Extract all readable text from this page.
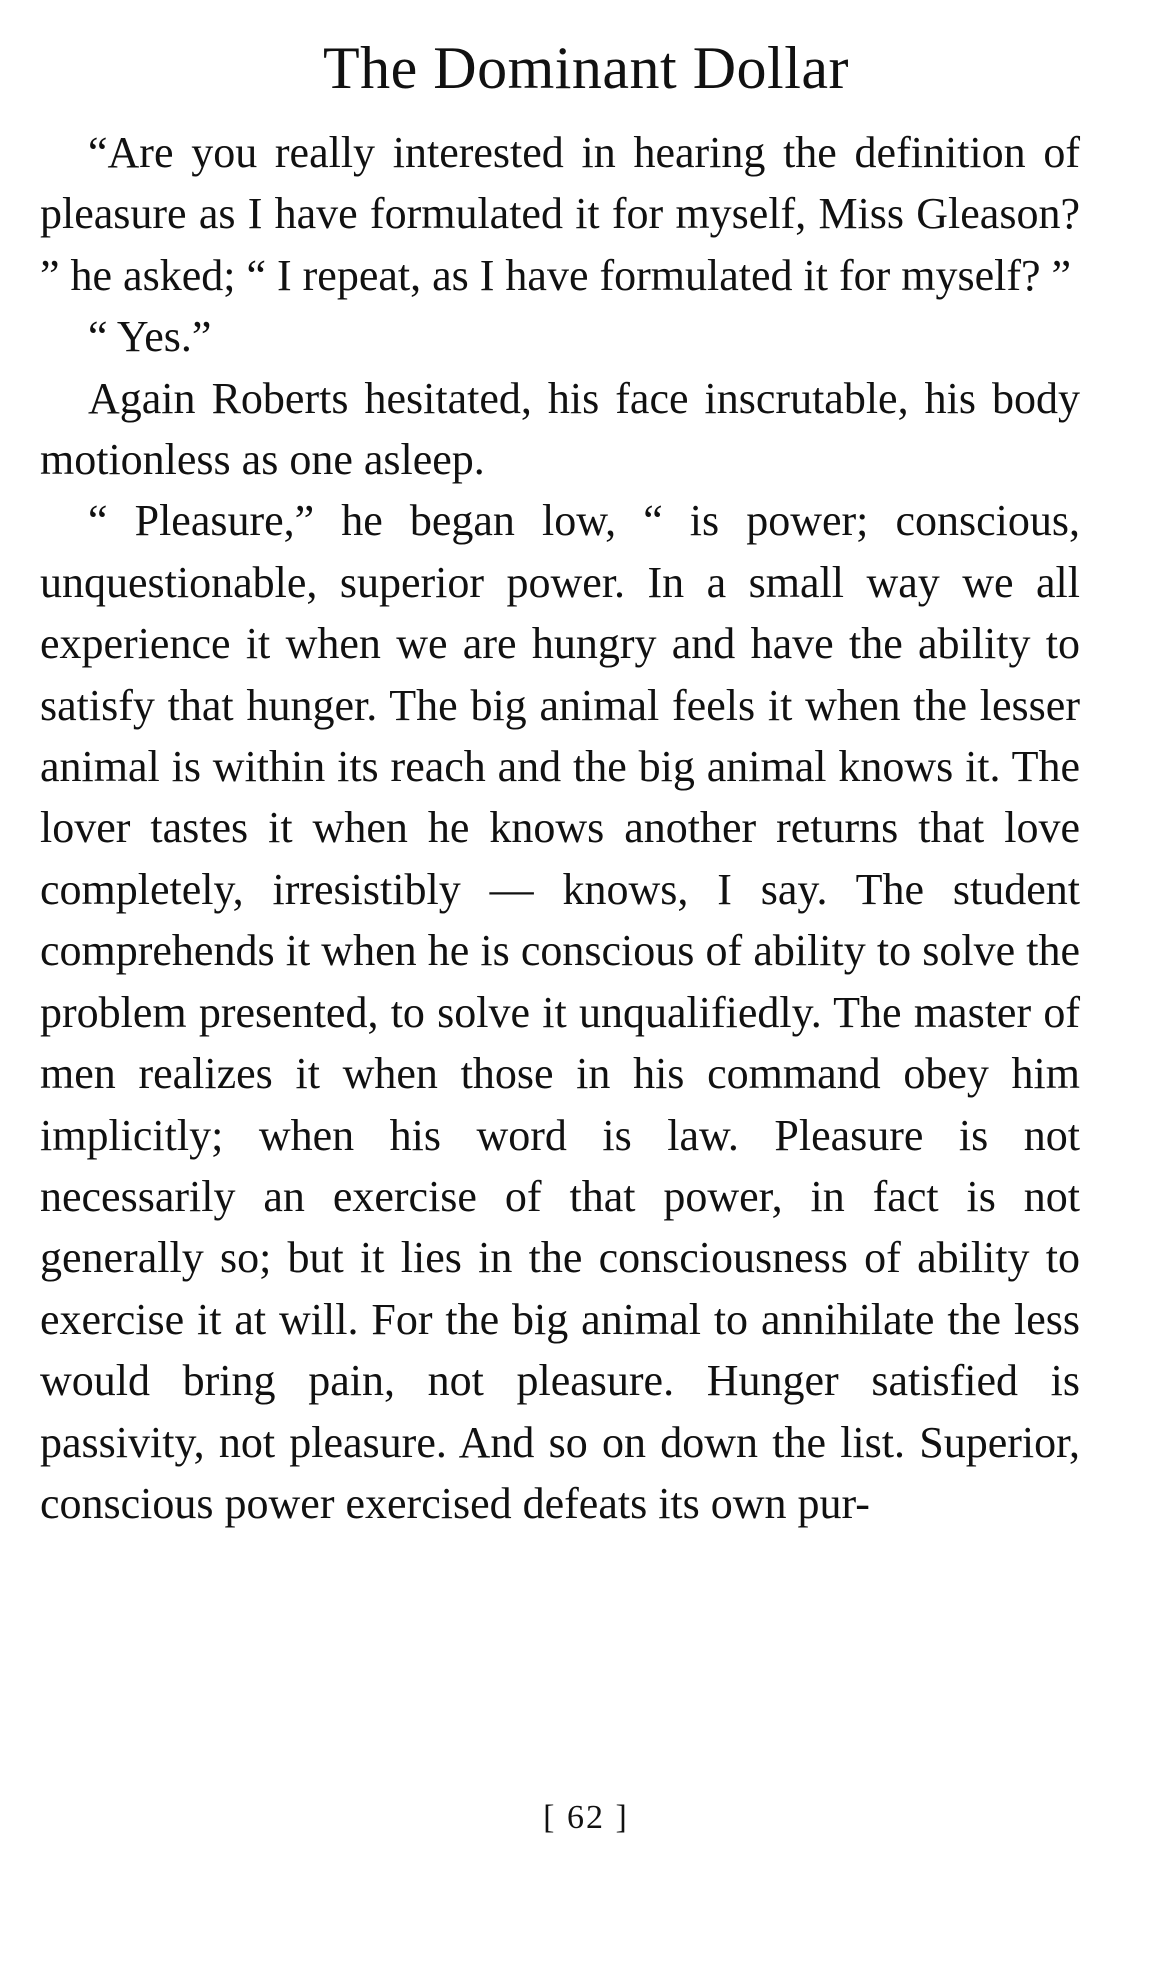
The Dominant Dollar

“Are you really interested in hearing the definition of pleasure as I have formulated it for myself, Miss Gleason? ” he asked; “ I repeat, as I have formulated it for myself? ”

“ Yes.”

Again Roberts hesitated, his face inscrutable, his body motionless as one asleep.

“ Pleasure,” he began low, “ is power; conscious, unquestionable, superior power. In a small way we all experience it when we are hungry and have the ability to satisfy that hunger. The big animal feels it when the lesser animal is within its reach and the big animal knows it. The lover tastes it when he knows another returns that love completely, irresistibly — knows, I say. The student comprehends it when he is conscious of ability to solve the problem presented, to solve it unqualifiedly. The master of men realizes it when those in his command obey him implicitly; when his word is law. Pleasure is not necessarily an exercise of that power, in fact is not generally so; but it lies in the consciousness of ability to exercise it at will. For the big animal to annihilate the less would bring pain, not pleasure. Hunger satisfied is passivity, not pleasure. And so on down the list. Superior, conscious power exercised defeats its own pur-

[ 62 ]
